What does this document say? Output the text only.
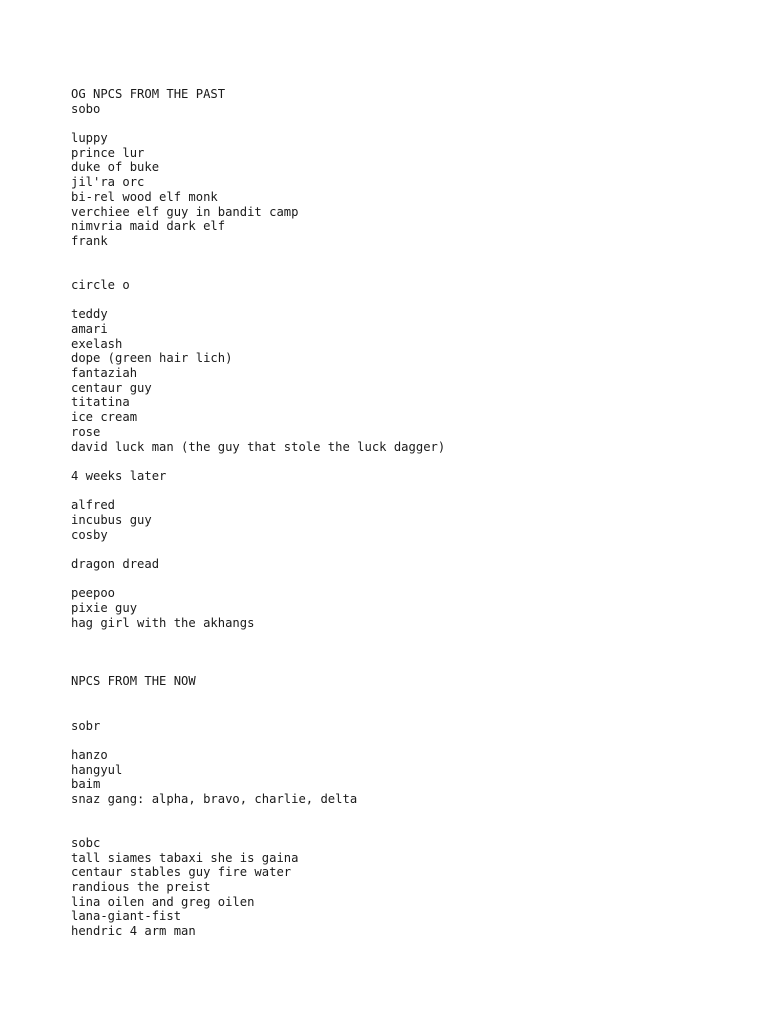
OG NPCS FROM THE PAST
sobo
luppy
prince lur
duke of buke
jil'ra orc
bi-rel wood elf monk
verchiee elf guy in bandit camp
nimvria maid dark elf
frank
circle o
teddy
amari
exelash
dope (green hair lich)
fantaziah
centaur guy
titatina
ice cream
rose
david luck man (the guy that stole the luck dagger)
4 weeks later
alfred
incubus guy
cosby
dragon dread
peepoo
pixie guy
hag girl with the akhangs
NPCS FROM THE NOW
sobr
hanzo
hangyul
baim
snaz gang: alpha, bravo, charlie, delta
sobc
tall siames tabaxi she is gaina
centaur stables guy fire water
randious the preist
lina oilen and greg oilen
lana-giant-fist
hendric 4 arm man
